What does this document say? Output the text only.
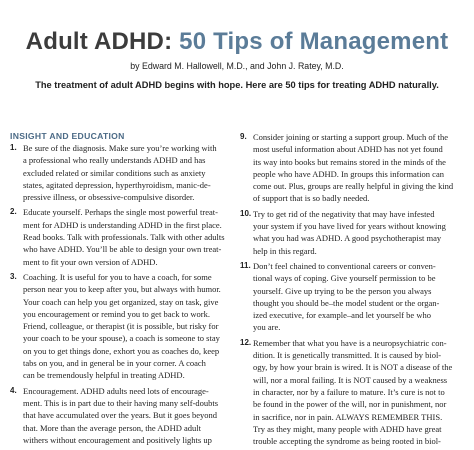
Adult ADHD: 50 Tips of Management
by Edward M. Hallowell, M.D., and John J. Ratey, M.D.
The treatment of adult ADHD begins with hope. Here are 50 tips for treating ADHD naturally.
INSIGHT AND EDUCATION
1. Be sure of the diagnosis. Make sure you’re working with
a professional who really understands ADHD and has
excluded related or similar conditions such as anxiety
states, agitated depression, hyperthyroidism, manic-de-
pressive illness, or obsessive-compulsive disorder.
2. Educate yourself. Perhaps the single most powerful treat-
ment for ADHD is understanding ADHD in the first place.
Read books. Talk with professionals. Talk with other adults
who have ADHD. You’ll be able to design your own treat-
ment to fit your own version of ADHD.
3. Coaching. It is useful for you to have a coach, for some
person near you to keep after you, but always with humor.
Your coach can help you get organized, stay on task, give
you encouragement or remind you to get back to work.
Friend, colleague, or therapist (it is possible, but risky for
your coach to be your spouse), a coach is someone to stay
on you to get things done, exhort you as coaches do, keep
tabs on you, and in general be in your corner. A coach
can be tremendously helpful in treating ADHD.
4. Encouragement. ADHD adults need lots of encourage-
ment. This is in part due to their having many self-doubts
that have accumulated over the years. But it goes beyond
that. More than the average person, the ADHD adult
withers without encouragement and positively lights up
9. Consider joining or starting a support group. Much of the
most useful information about ADHD has not yet found
its way into books but remains stored in the minds of the
people who have ADHD. In groups this information can
come out. Plus, groups are really helpful in giving the kind
of support that is so badly needed.
10. Try to get rid of the negativity that may have infested
your system if you have lived for years without knowing
what you had was ADHD. A good psychotherapist may
help in this regard.
11. Don’t feel chained to conventional careers or conven-
tional ways of coping. Give yourself permission to be
yourself. Give up trying to be the person you always
thought you should be–the model student or the organ-
ized executive, for example–and let yourself be who
you are.
12. Remember that what you have is a neuropsychiatric con-
dition. It is genetically transmitted. It is caused by biol-
ogy, by how your brain is wired. It is NOT a disease of the
will, nor a moral failing. It is NOT caused by a weakness
in character, nor by a failure to mature. It’s cure is not to
be found in the power of the will, nor in punishment, nor
in sacrifice, nor in pain. ALWAYS REMEMBER THIS.
Try as they might, many people with ADHD have great
trouble accepting the syndrome as being rooted in biol-
